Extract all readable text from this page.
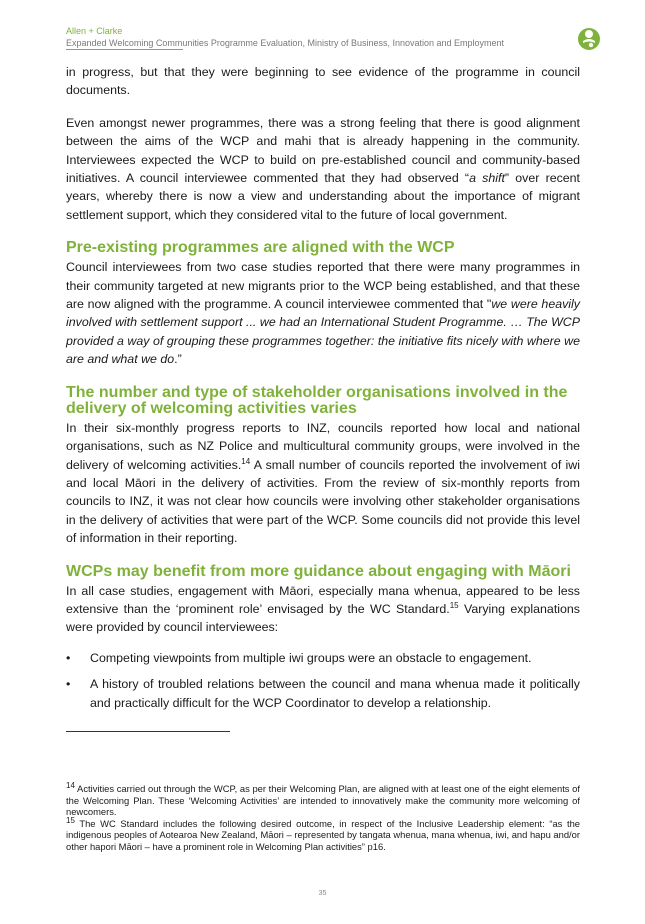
Allen + Clarke
Expanded Welcoming Communities Programme Evaluation, Ministry of Business, Innovation and Employment

in progress, but that they were beginning to see evidence of the programme in council documents.

Even amongst newer programmes, there was a strong feeling that there is good alignment between the aims of the WCP and mahi that is already happening in the community. Interviewees expected the WCP to build on pre-established council and community-based initiatives. A council interviewee commented that they had observed “a shift” over recent years, whereby there is now a view and understanding about the importance of migrant settlement support, which they considered vital to the future of local government.

Pre-existing programmes are aligned with the WCP

Council interviewees from two case studies reported that there were many programmes in their community targeted at new migrants prior to the WCP being established, and that these are now aligned with the programme. A council interviewee commented that "we were heavily involved with settlement support ... we had an International Student Programme. … The WCP provided a way of grouping these programmes together: the initiative fits nicely with where we are and what we do.”

The number and type of stakeholder organisations involved in the delivery of welcoming activities varies

In their six-monthly progress reports to INZ, councils reported how local and national organisations, such as NZ Police and multicultural community groups, were involved in the delivery of welcoming activities.$^{14}$ A small number of councils reported the involvement of iwi and local Māori in the delivery of activities. From the review of six-monthly reports from councils to INZ, it was not clear how councils were involving other stakeholder organisations in the delivery of activities that were part of the WCP. Some councils did not provide this level of information in their reporting.

WCPs may benefit from more guidance about engaging with Māori

In all case studies, engagement with Māori, especially mana whenua, appeared to be less extensive than the ‘prominent role’ envisaged by the WC Standard.$^{15}$ Varying explanations were provided by council interviewees:

• Competing viewpoints from multiple iwi groups were an obstacle to engagement.
• A history of troubled relations between the council and mana whenua made it politically and practically difficult for the WCP Coordinator to develop a relationship.

$^{14}$ Activities carried out through the WCP, as per their Welcoming Plan, are aligned with at least one of the eight elements of the Welcoming Plan. These ‘Welcoming Activities’ are intended to innovatively make the community more welcoming of newcomers.

$^{15}$ The WC Standard includes the following desired outcome, in respect of the Inclusive Leadership element: “as the indigenous peoples of Aotearoa New Zealand, Māori – represented by tangata whenua, mana whenua, iwi, and hapu and/or other hapori Māori – have a prominent role in Welcoming Plan activities” p16.

35
